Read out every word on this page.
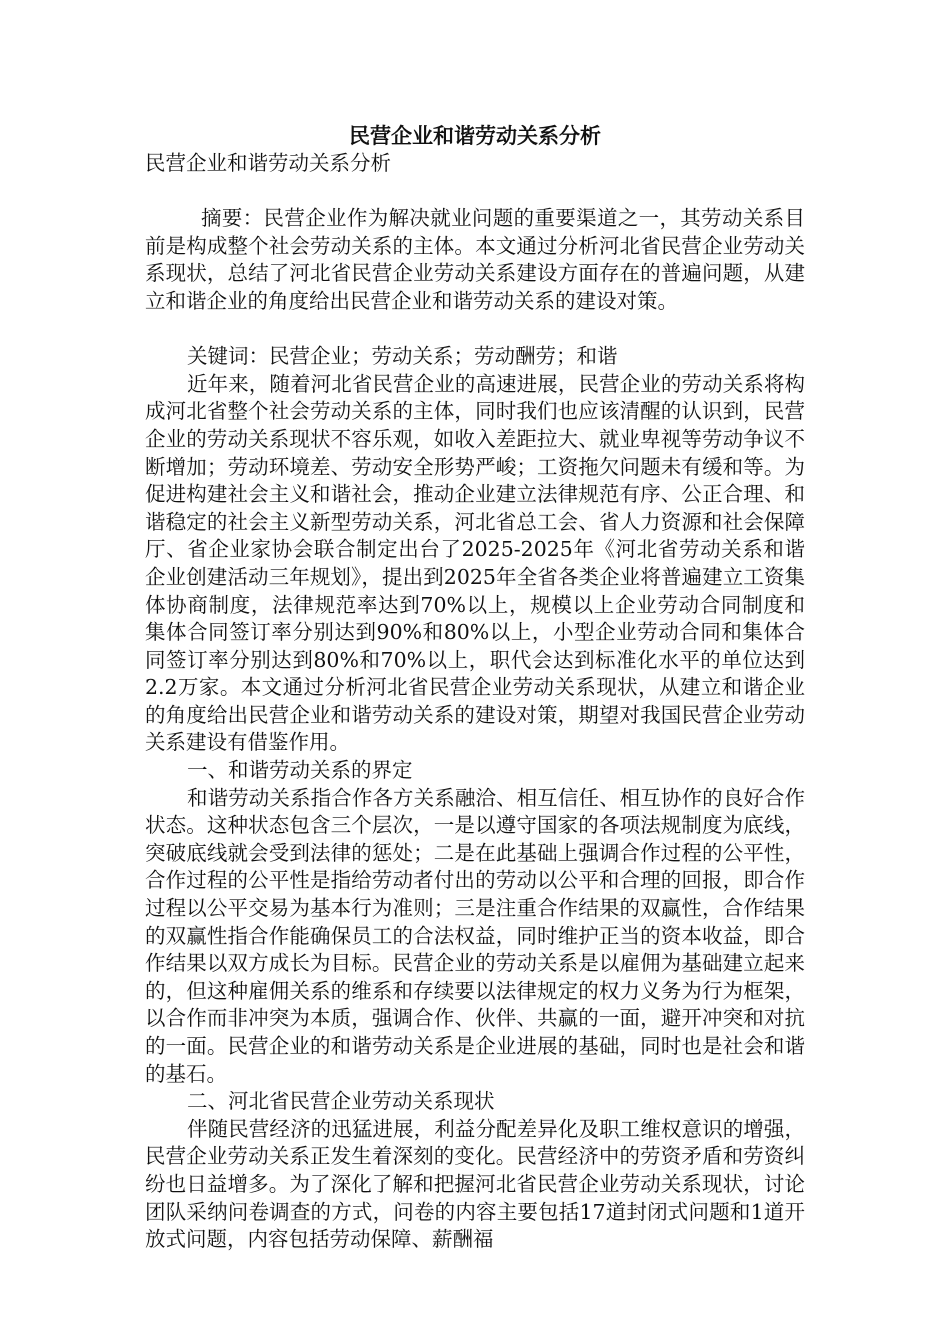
民营企业和谐劳动关系分析

民营企业和谐劳动关系分析

摘要：民营企业作为解决就业问题的重要渠道之一，其劳动关系目前是构成整个社会劳动关系的主体。本文通过分析河北省民营企业劳动关系现状，总结了河北省民营企业劳动关系建设方面存在的普遍问题，从建立和谐企业的角度给出民营企业和谐劳动关系的建设对策。

关键词：民营企业；劳动关系；劳动酬劳；和谐

近年来，随着河北省民营企业的高速进展，民营企业的劳动关系将构成河北省整个社会劳动关系的主体，同时我们也应该清醒的认识到，民营企业的劳动关系现状不容乐观，如收入差距拉大、就业卑视等劳动争议不断增加；劳动环境差、劳动安全形势严峻；工资拖欠问题未有缓和等。为促进构建社会主义和谐社会，推动企业建立法律规范有序、公正合理、和谐稳定的社会主义新型劳动关系，河北省总工会、省人力资源和社会保障厅、省企业家协会联合制定出台了2025-2025年《河北省劳动关系和谐企业创建活动三年规划》，提出到2025年全省各类企业将普遍建立工资集体协商制度，法律规范率达到70%以上，规模以上企业劳动合同制度和集体合同签订率分别达到90%和80%以上，小型企业劳动合同和集体合同签订率分别达到80%和70%以上，职代会达到标准化水平的单位达到2.2万家。本文通过分析河北省民营企业劳动关系现状，从建立和谐企业的角度给出民营企业和谐劳动关系的建设对策，期望对我国民营企业劳动关系建设有借鉴作用。

一、和谐劳动关系的界定

和谐劳动关系指合作各方关系融洽、相互信任、相互协作的良好合作状态。这种状态包含三个层次，一是以遵守国家的各项法规制度为底线，突破底线就会受到法律的惩处；二是在此基础上强调合作过程的公平性，合作过程的公平性是指给劳动者付出的劳动以公平和合理的回报，即合作过程以公平交易为基本行为准则；三是注重合作结果的双赢性，合作结果的双赢性指合作能确保员工的合法权益，同时维护正当的资本收益，即合作结果以双方成长为目标。民营企业的劳动关系是以雇佣为基础建立起来的，但这种雇佣关系的维系和存续要以法律规定的权力义务为行为框架，以合作而非冲突为本质，强调合作、伙伴、共赢的一面，避开冲突和对抗的一面。民营企业的和谐劳动关系是企业进展的基础，同时也是社会和谐的基石。

二、河北省民营企业劳动关系现状

伴随民营经济的迅猛进展，利益分配差异化及职工维权意识的增强，民营企业劳动关系正发生着深刻的变化。民营经济中的劳资矛盾和劳资纠纷也日益增多。为了深化了解和把握河北省民营企业劳动关系现状，讨论团队采纳问卷调查的方式，问卷的内容主要包括17道封闭式问题和1道开放式问题，内容包括劳动保障、薪酬福
